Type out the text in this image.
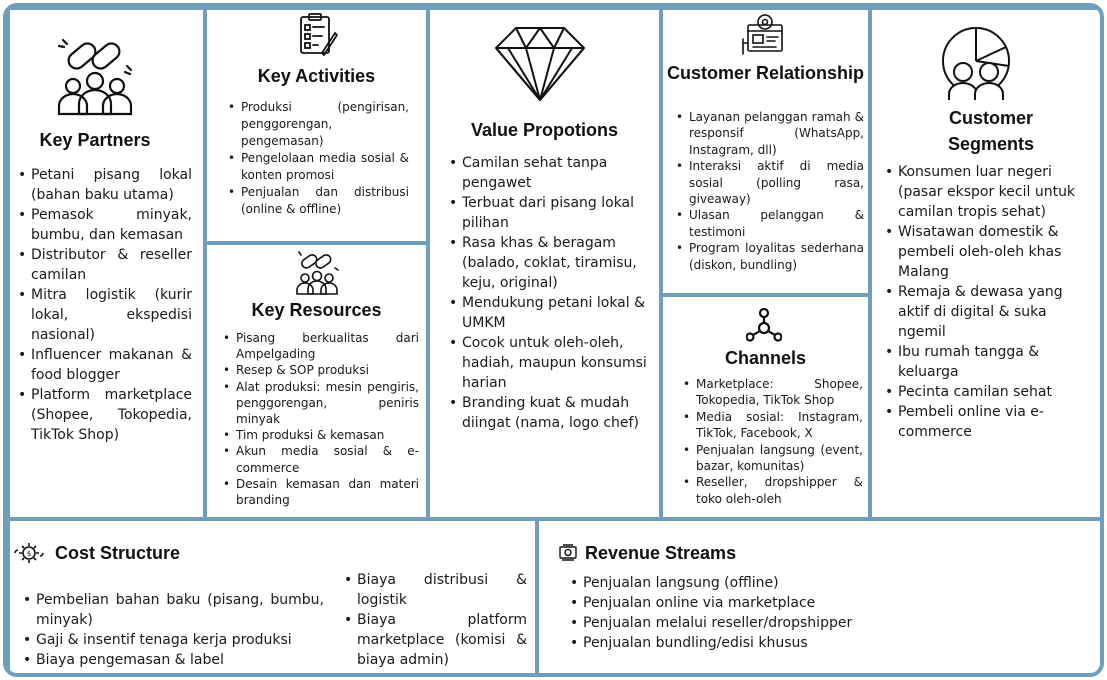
Key Partners
• Petani pisang lokal (bahan baku utama)
• Pemasok minyak, bumbu, dan kemasan
• Distributor & reseller camilan
• Mitra logistik (kurir lokal, ekspedisi nasional)
• Influencer makanan & food blogger
• Platform marketplace (Shopee, Tokopedia, TikTok Shop)
Key Activities
• Produksi (pengirisan, penggorengan, pengemasan)
• Pengelolaan media sosial & konten promosi
• Penjualan dan distribusi (online & offline)
Key Resources
• Pisang berkualitas dari Ampelgading
• Resep & SOP produksi
• Alat produksi: mesin pengiris, penggorengan, peniris minyak
• Tim produksi & kemasan
• Akun media sosial & e-commerce
• Desain kemasan dan materi branding
Value Propotions
• Camilan sehat tanpa pengawet
• Terbuat dari pisang lokal pilihan
• Rasa khas & beragam (balado, coklat, tiramisu, keju, original)
• Mendukung petani lokal & UMKM
• Cocok untuk oleh-oleh, hadiah, maupun konsumsi harian
• Branding kuat & mudah diingat (nama, logo chef)
Customer Relationship
• Layanan pelanggan ramah & responsif (WhatsApp, Instagram, dll)
• Interaksi aktif di media sosial (polling rasa, giveaway)
• Ulasan pelanggan & testimoni
• Program loyalitas sederhana (diskon, bundling)
Channels
• Marketplace: Shopee, Tokopedia, TikTok Shop
• Media sosial: Instagram, TikTok, Facebook, X
• Penjualan langsung (event, bazar, komunitas)
• Reseller, dropshipper & toko oleh-oleh
Customer Segments
• Konsumen luar negeri (pasar ekspor kecil untuk camilan tropis sehat)
• Wisatawan domestik & pembeli oleh-oleh khas Malang
• Remaja & dewasa yang aktif di digital & suka ngemil
• Ibu rumah tangga & keluarga
• Pecinta camilan sehat
• Pembeli online via e-commerce
$ Cost Structure
• Pembelian bahan baku (pisang, bumbu, minyak)
• Gaji & insentif tenaga kerja produksi
• Biaya pengemasan & label
• Biaya distribusi & logistik
• Biaya platform marketplace (komisi & biaya admin)
Revenue Streams
• Penjualan langsung (offline)
• Penjualan online via marketplace
• Penjualan melalui reseller/dropshipper
• Penjualan bundling/edisi khusus
